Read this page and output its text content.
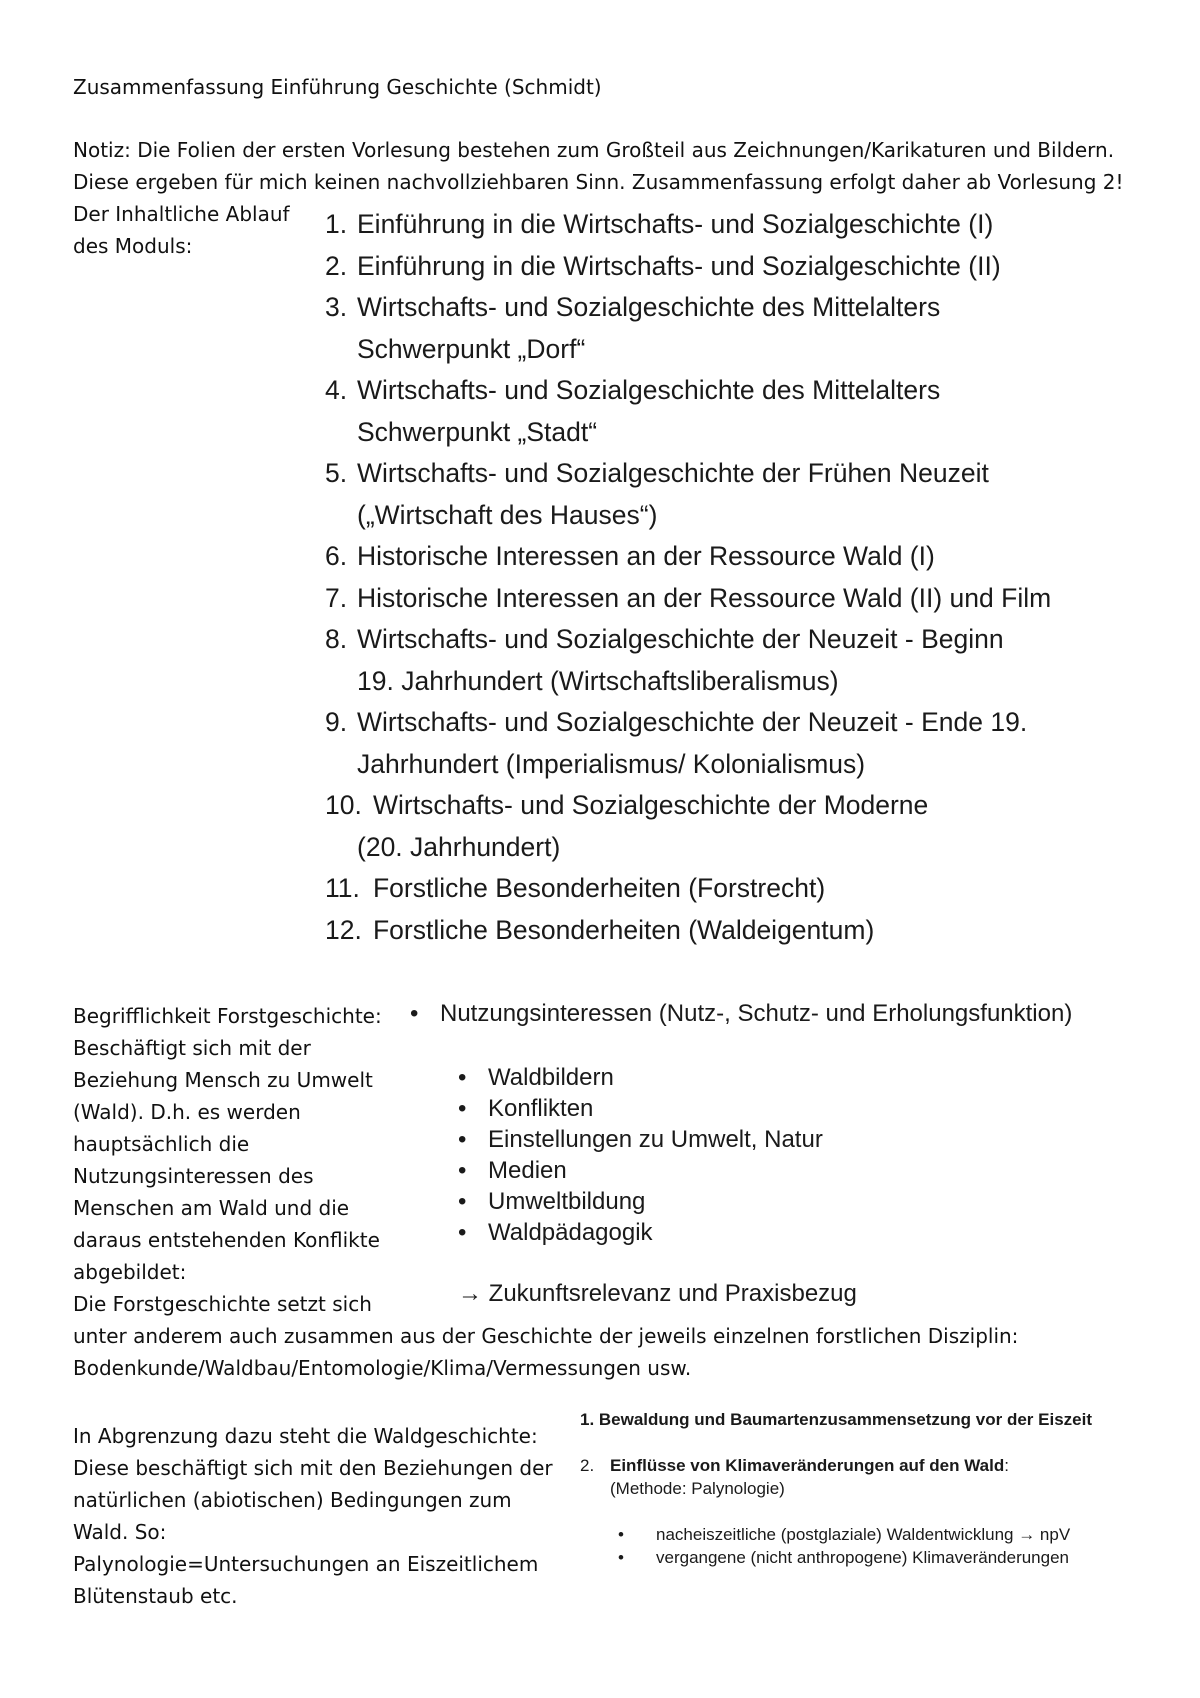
Zusammenfassung Einführung Geschichte (Schmidt)
Notiz: Die Folien der ersten Vorlesung bestehen zum Großteil aus Zeichnungen/Karikaturen und Bildern.
Diese ergeben für mich keinen nachvollziehbaren Sinn. Zusammenfassung erfolgt daher ab Vorlesung 2!
Der Inhaltliche Ablauf
des Moduls:
1. Einführung in die Wirtschafts- und Sozialgeschichte (I)
2. Einführung in die Wirtschafts- und Sozialgeschichte (II)
3. Wirtschafts- und Sozialgeschichte des Mittelalters
Schwerpunkt „Dorf“
4. Wirtschafts- und Sozialgeschichte des Mittelalters
Schwerpunkt „Stadt“
5. Wirtschafts- und Sozialgeschichte der Frühen Neuzeit
(„Wirtschaft des Hauses“)
6. Historische Interessen an der Ressource Wald (I)
7. Historische Interessen an der Ressource Wald (II) und Film
8. Wirtschafts- und Sozialgeschichte der Neuzeit - Beginn
19. Jahrhundert (Wirtschaftsliberalismus)
9. Wirtschafts- und Sozialgeschichte der Neuzeit - Ende 19.
Jahrhundert (Imperialismus/ Kolonialismus)
10. Wirtschafts- und Sozialgeschichte der Moderne
(20. Jahrhundert)
11. Forstliche Besonderheiten (Forstrecht)
12. Forstliche Besonderheiten (Waldeigentum)
Begrifflichkeit Forstgeschichte:
Beschäftigt sich mit der
Beziehung Mensch zu Umwelt
(Wald). D.h. es werden
hauptsächlich die
Nutzungsinteressen des
Menschen am Wald und die
daraus entstehenden Konflikte
abgebildet:
Die Forstgeschichte setzt sich
unter anderem auch zusammen aus der Geschichte der jeweils einzelnen forstlichen Disziplin:
Bodenkunde/Waldbau/Entomologie/Klima/Vermessungen usw.
• Nutzungsinteressen (Nutz-, Schutz- und Erholungsfunktion)
• Waldbildern
• Konflikten
• Einstellungen zu Umwelt, Natur
• Medien
• Umweltbildung
• Waldpädagogik
→ Zukunftsrelevanz und Praxisbezug
In Abgrenzung dazu steht die Waldgeschichte:
Diese beschäftigt sich mit den Beziehungen der
natürlichen (abiotischen) Bedingungen zum
Wald. So:
Palynologie=Untersuchungen an Eiszeitlichem
Blütenstaub etc.
1. Bewaldung und Baumartenzusammensetzung vor der Eiszeit
2. Einflüsse von Klimaveränderungen auf den Wald:
(Methode: Palynologie)
• nacheiszeitliche (postglaziale) Waldentwicklung → npV
• vergangene (nicht anthropogene) Klimaveränderungen
